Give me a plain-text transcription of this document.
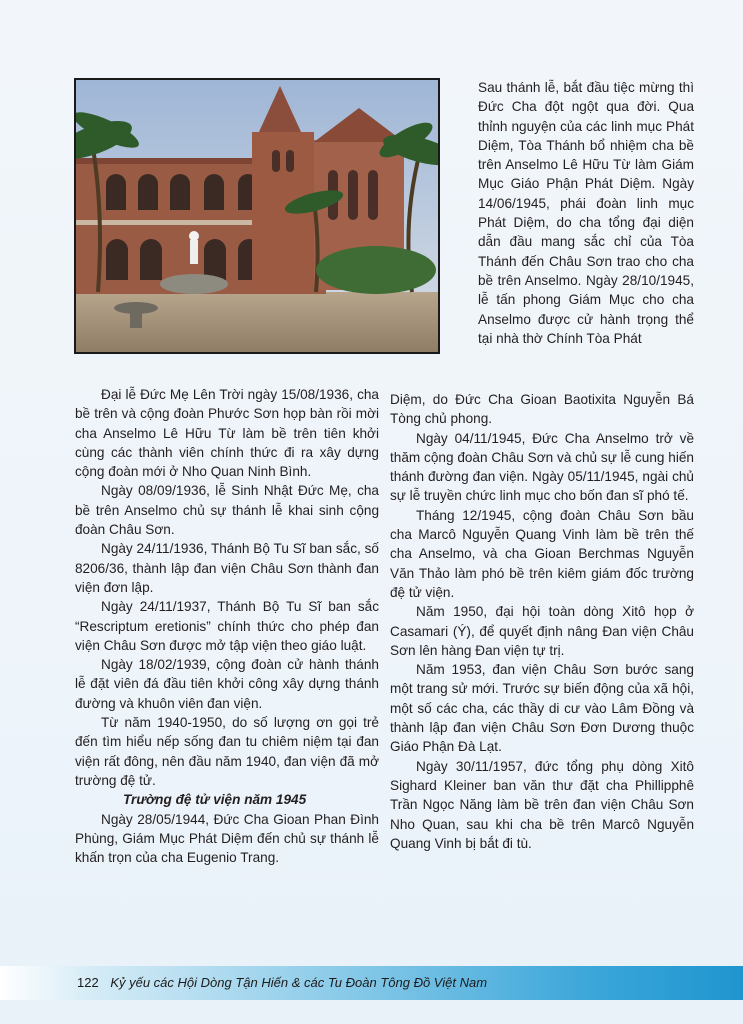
Sau thánh lễ, bắt đầu tiệc mừng thì Đức Cha đột ngột qua đời. Qua thỉnh nguyện của các linh mục Phát Diệm, Tòa Thánh bổ nhiệm cha bề trên Anselmo Lê Hữu Từ làm Giám Mục Giáo Phận Phát Diệm. Ngày 14/06/1945, phái đoàn linh mục Phát Diệm, do cha tổng đại diện dẫn đầu mang sắc chỉ của Tòa Thánh đến Châu Sơn trao cho cha bề trên Anselmo. Ngày 28/10/1945, lễ tấn phong Giám Mục cho cha Anselmo được cử hành trọng thể tại nhà thờ Chính Tòa Phát

Đại lễ Đức Mẹ Lên Trời ngày 15/08/1936, cha bề trên và cộng đoàn Phước Sơn họp bàn rồi mời cha Anselmo Lê Hữu Từ làm bề trên tiên khởi cùng các thành viên chính thức đi ra xây dựng cộng đoàn mới ở Nho Quan Ninh Bình.

Ngày 08/09/1936, lễ Sinh Nhật Đức Mẹ, cha bề trên Anselmo chủ sự thánh lễ khai sinh cộng đoàn Châu Sơn.

Ngày 24/11/1936, Thánh Bộ Tu Sĩ ban sắc, số 8206/36, thành lập đan viện Châu Sơn thành đan viện đơn lập.

Ngày 24/11/1937, Thánh Bộ Tu Sĩ ban sắc “Rescriptum eretionis” chính thức cho phép đan viện Châu Sơn được mở tập viện theo giáo luật.

Ngày 18/02/1939, cộng đoàn cử hành thánh lễ đặt viên đá đầu tiên khởi công xây dựng thánh đường và khuôn viên đan viện.

Từ năm 1940-1950, do số lượng ơn gọi trẻ đến tìm hiểu nếp sống đan tu chiêm niệm tại đan viện rất đông, nên đầu năm 1940, đan viện đã mở trường đệ tử.

Trường đệ tử viện năm 1945

Ngày 28/05/1944, Đức Cha Gioan Phan Đình Phùng, Giám Mục Phát Diệm đến chủ sự thánh lễ khấn trọn của cha Eugenio Trang.

Diệm, do Đức Cha Gioan Baotixita Nguyễn Bá Tòng chủ phong.

Ngày 04/11/1945, Đức Cha Anselmo trở về thăm cộng đoàn Châu Sơn và chủ sự lễ cung hiến thánh đường đan viện. Ngày 05/11/1945, ngài chủ sự lễ truyền chức linh mục cho bốn đan sĩ phó tế.

Tháng 12/1945, cộng đoàn Châu Sơn bầu cha Marcô Nguyễn Quang Vinh làm bề trên thế cha Anselmo, và cha Gioan Berchmas Nguyễn Văn Thảo làm phó bề trên kiêm giám đốc trường đệ tử viện.

Năm 1950, đại hội toàn dòng Xitô họp ở Casamari (Ý), để quyết định nâng Đan viện Châu Sơn lên hàng Đan viện tự trị.

Năm 1953, đan viện Châu Sơn bước sang một trang sử mới. Trước sự biến động của xã hội, một số các cha, các thầy di cư vào Lâm Đồng và thành lập đan viện Châu Sơn Đơn Dương thuộc Giáo Phận Đà Lạt.

Ngày 30/11/1957, đức tổng phụ dòng Xitô Sighard Kleiner ban văn thư đặt cha Phillipphê Trần Ngọc Năng làm bề trên đan viện Châu Sơn Nho Quan, sau khi cha bề trên Marcô Nguyễn Quang Vinh bị bắt đi tù.

122 Kỷ yếu các Hội Dòng Tận Hiến & các Tu Đoàn Tông Đồ Việt Nam
